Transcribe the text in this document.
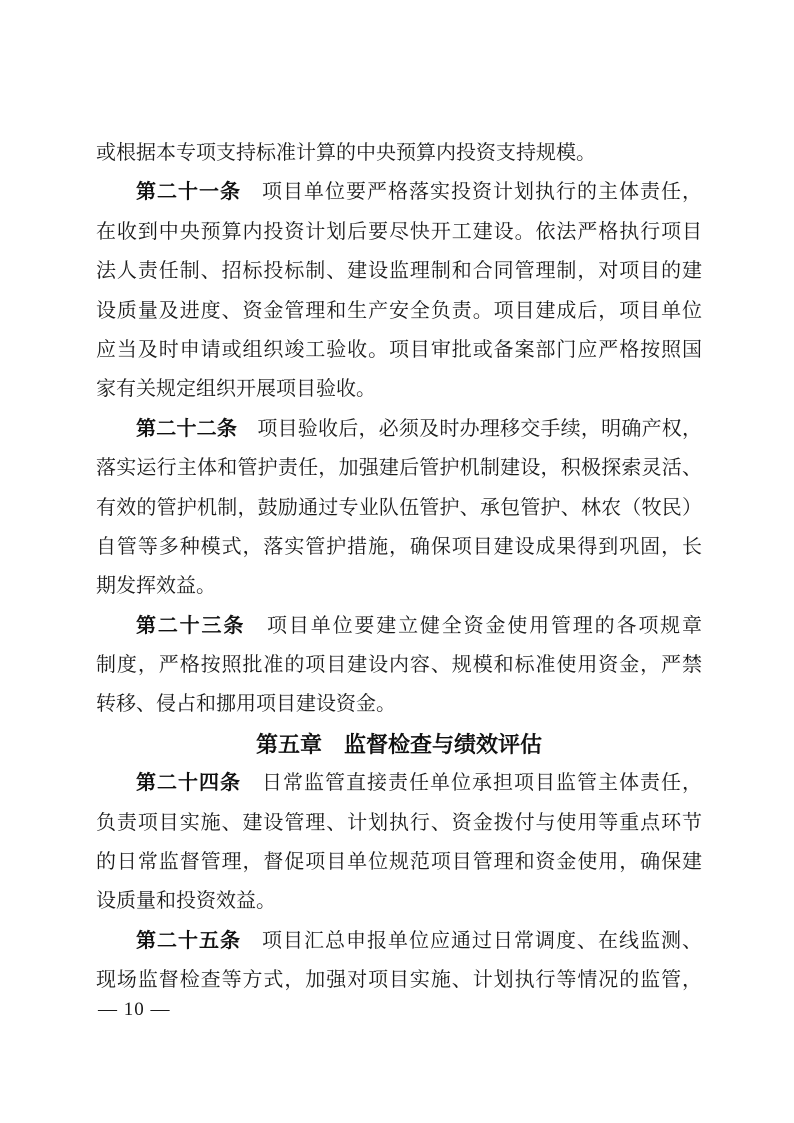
或根据本专项支持标准计算的中央预算内投资支持规模。
第二十一条　项目单位要严格落实投资计划执行的主体责任，
在收到中央预算内投资计划后要尽快开工建设。依法严格执行项目
法人责任制、招标投标制、建设监理制和合同管理制，对项目的建
设质量及进度、资金管理和生产安全负责。项目建成后，项目单位
应当及时申请或组织竣工验收。项目审批或备案部门应严格按照国
家有关规定组织开展项目验收。
第二十二条　项目验收后，必须及时办理移交手续，明确产权，
落实运行主体和管护责任，加强建后管护机制建设，积极探索灵活、
有效的管护机制，鼓励通过专业队伍管护、承包管护、林农（牧民）
自管等多种模式，落实管护措施，确保项目建设成果得到巩固，长
期发挥效益。
第二十三条　项目单位要建立健全资金使用管理的各项规章
制度，严格按照批准的项目建设内容、规模和标准使用资金，严禁
转移、侵占和挪用项目建设资金。
第五章　监督检查与绩效评估
第二十四条　日常监管直接责任单位承担项目监管主体责任，
负责项目实施、建设管理、计划执行、资金拨付与使用等重点环节
的日常监督管理，督促项目单位规范项目管理和资金使用，确保建
设质量和投资效益。
第二十五条　项目汇总申报单位应通过日常调度、在线监测、
现场监督检查等方式，加强对项目实施、计划执行等情况的监管，
— 10 —
